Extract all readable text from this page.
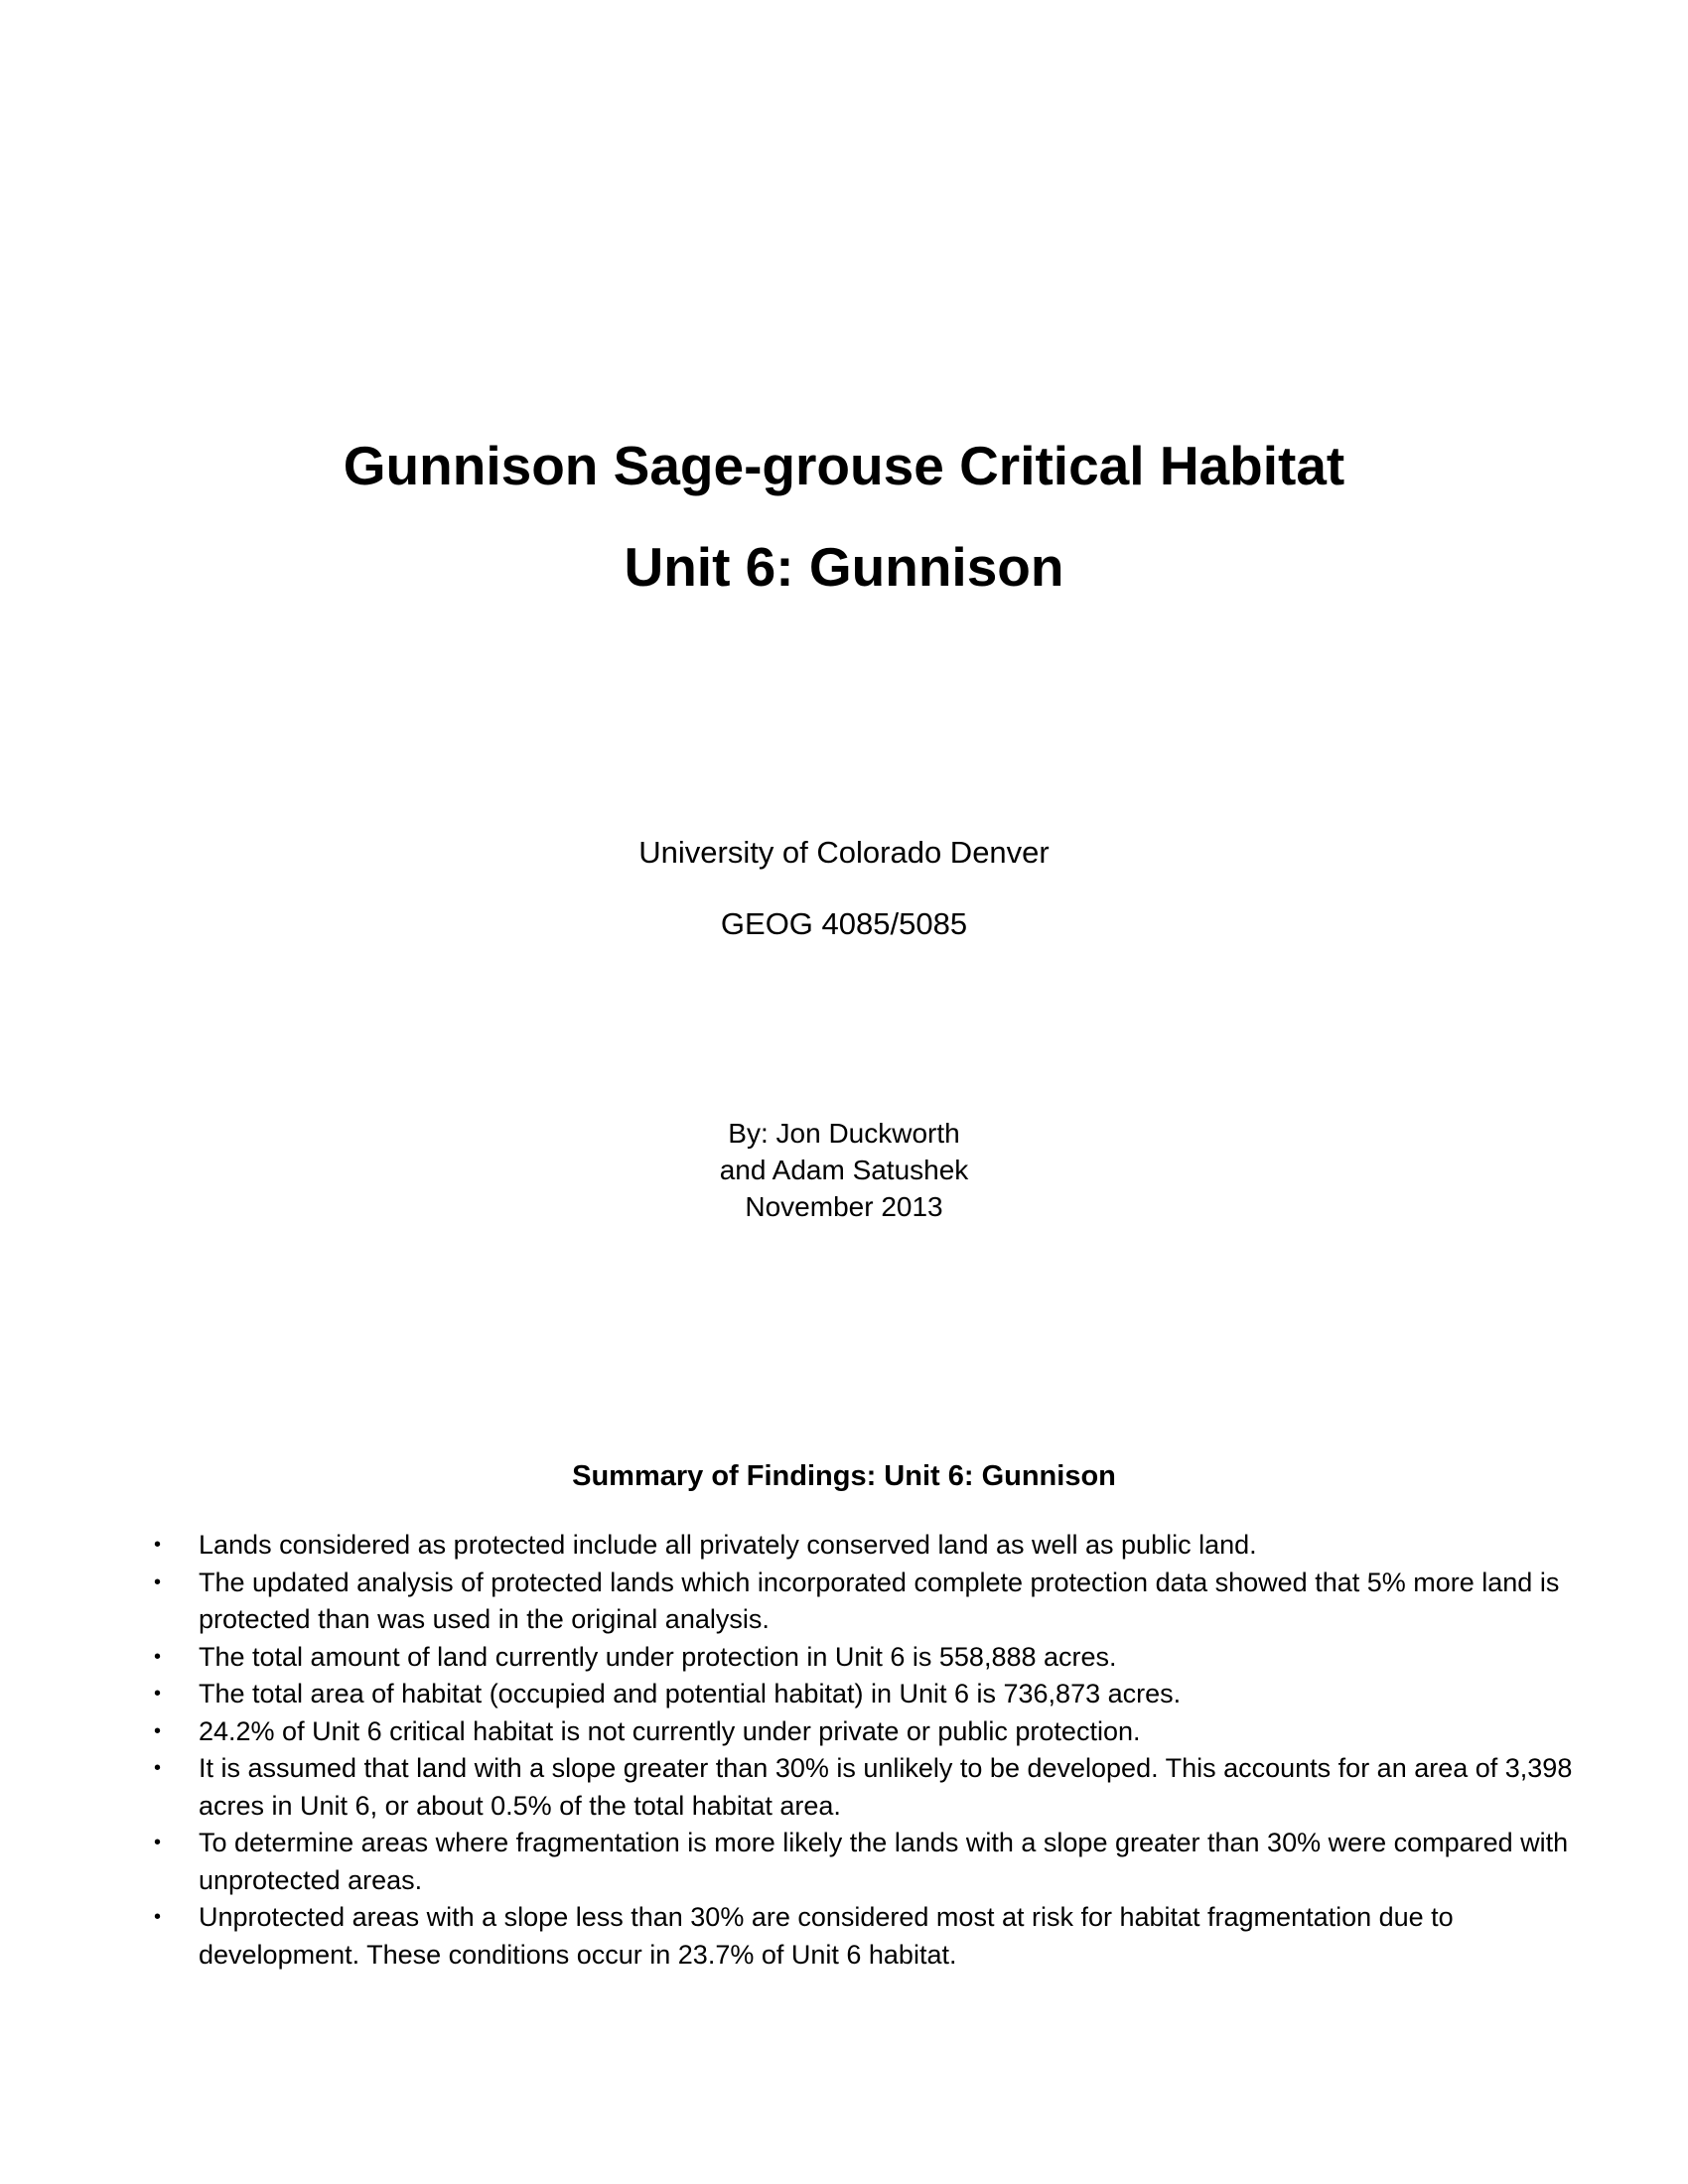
Gunnison Sage-grouse Critical Habitat
Unit 6: Gunnison

University of Colorado Denver

GEOG 4085/5085

By: Jon Duckworth
and Adam Satushek
November 2013
Summary of Findings: Unit 6: Gunnison
• Lands considered as protected include all privately conserved land as well as public land.
• The updated analysis of protected lands which incorporated complete protection data showed that 5% more land is protected than was used in the original analysis.
• The total amount of land currently under protection in Unit 6 is 558,888 acres.
• The total area of habitat (occupied and potential habitat) in Unit 6 is 736,873 acres.
• 24.2% of Unit 6 critical habitat is not currently under private or public protection.
• It is assumed that land with a slope greater than 30% is unlikely to be developed. This accounts for an area of 3,398 acres in Unit 6, or about 0.5% of the total habitat area.
• To determine areas where fragmentation is more likely the lands with a slope greater than 30% were compared with unprotected areas.
• Unprotected areas with a slope less than 30% are considered most at risk for habitat fragmentation due to development. These conditions occur in 23.7% of Unit 6 habitat.
